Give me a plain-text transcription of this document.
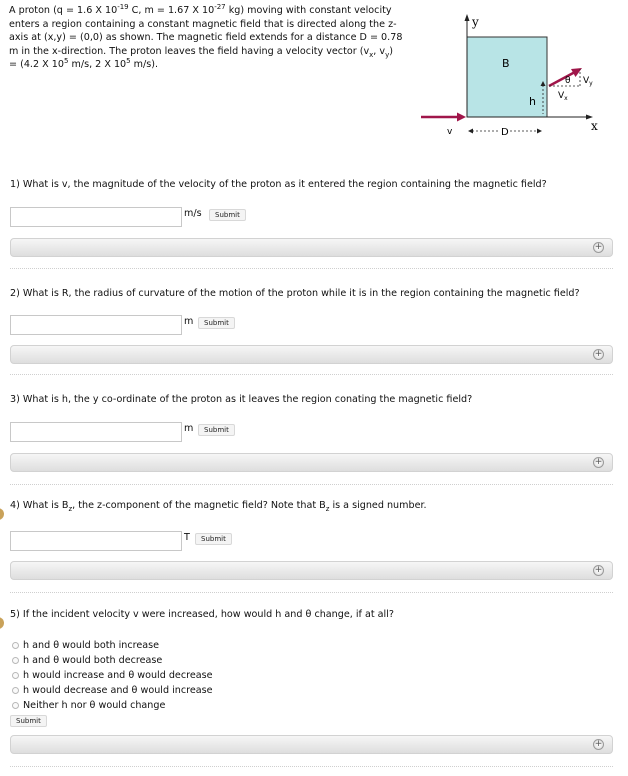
A proton (q = 1.6 X $10^{-19}$ C, m = 1.67 X $10^{-27}$ kg) moving with constant velocity
enters a region containing a constant magnetic field that is directed along the z-
axis at (x,y) = (0,0) as shown. The magnetic field extends for a distance D = 0.78
m in the x-direction. The proton leaves the field having a velocity vector ($v_x$, $v_y$)
= (4.2 X $10^5$ m/s, 2 X $10^5$ m/s).
y
x
B
v	D
h
θ
$V_x$
$V_y$
1) What is v, the magnitude of the velocity of the proton as it entered the region containing the magnetic field?
m/s	Submit
+
2) What is R, the radius of curvature of the motion of the proton while it is in the region containing the magnetic field?
m	Submit
+
3) What is h, the y co-ordinate of the proton as it leaves the region conating the magnetic field?
m	Submit
+
4) What is $B_z$, the z-component of the magnetic field? Note that $B_z$ is a signed number.
T	Submit
+
5) If the incident velocity v were increased, how would h and θ change, if at all?
h and θ would both increase
h and θ would both decrease
h would increase and θ would decrease
h would decrease and θ would increase
Neither h nor θ would change
Submit
+
